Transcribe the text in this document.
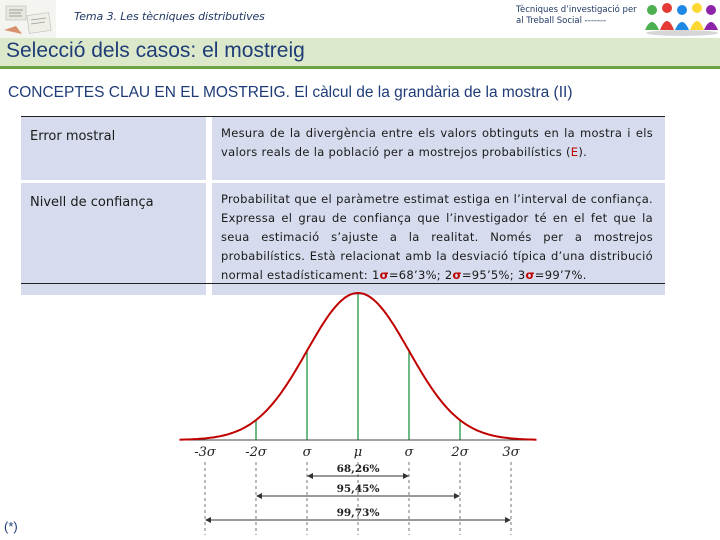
Tema 3. Les tècniques distributives	Tècniques d’investigació per
al Treball Social -------
Selecció dels casos: el mostreig
CONCEPTES CLAU EN EL MOSTREIG. El càlcul de la grandària de la mostra (II)
Error mostral	Mesura de la divergència entre els valors obtinguts en la mostra i els valors reals de la població per a mostrejos probabilístics (E).
Nivell de confiança	Probabilitat que el paràmetre estimat estiga en l’interval de confiança. Expressa el grau de confiança que l’investigador té en el fet que la seua estimació s’ajuste a la realitat. Només per a mostrejos probabilístics. Està relacionat amb la desviació típica d’una distribució normal estadísticament: 1σ=68’3%; 2σ=95’5%; 3σ=99’7%.
-3σ -2σ	σ	μ	σ	2σ	3σ
68,26%
95,45%
99,73%
(*)
